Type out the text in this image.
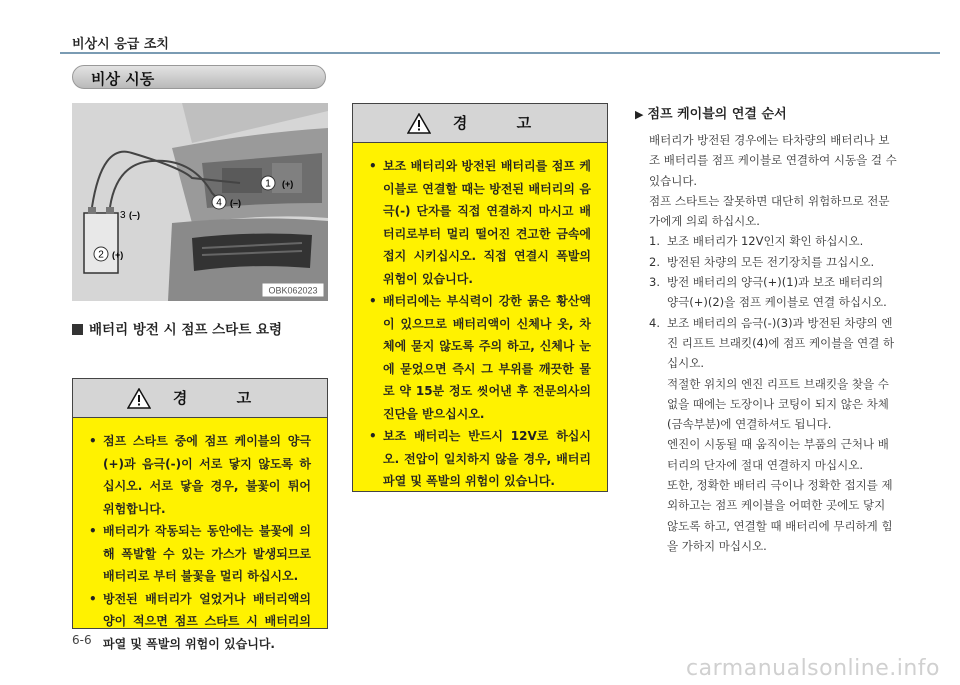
비상시 응급 조치
비상 시동
1 (+)
4 (–)
2 (+)
3 (–)
OBK062023
배터리 방전 시 점프 스타트 요령
경 고
• 점프 스타트 중에 점프 케이블의 양극(+)과 음극(-)이 서로 닿지 않도록 하십시오. 서로 닿을 경우, 불꽃이 튀어 위험합니다.
• 배터리가 작동되는 동안에는 불꽃에 의해 폭발할 수 있는 가스가 발생되므로 배터리로 부터 불꽃을 멀리 하십시오.
• 방전된 배터리가 얼었거나 배터리액의 양이 적으면 점프 스타트 시 배터리의 파열 및 폭발의 위험이 있습니다.
경 고
• 보조 배터리와 방전된 배터리를 점프 케이블로 연결할 때는 방전된 배터리의 음극(-) 단자를 직접 연결하지 마시고 배터리로부터 멀리 떨어진 견고한 금속에 접지 시키십시오. 직접 연결시 폭발의 위험이 있습니다.
• 배터리에는 부식력이 강한 묽은 황산액이 있으므로 배터리액이 신체나 옷, 차체에 묻지 않도록 주의 하고, 신체나 눈에 묻었으면 즉시 그 부위를 깨끗한 물로 약 15분 정도 씻어낸 후 전문의사의 진단을 받으십시오.
• 보조 배터리는 반드시 12V로 하십시오. 전압이 일치하지 않을 경우, 배터리 파열 및 폭발의 위험이 있습니다.
▶ 점프 케이블의 연결 순서
배터리가 방전된 경우에는 타차량의 배터리나 보조 배터리를 점프 케이블로 연결하여 시동을 걸 수 있습니다.
점프 스타트는 잘못하면 대단히 위험하므로 전문가에게 의뢰 하십시오.
1. 보조 배터리가 12V인지 확인 하십시오.
2. 방전된 차량의 모든 전기장치를 끄십시오.
3. 방전 배터리의 양극(+)(1)과 보조 배터리의 양극(+)(2)을 점프 케이블로 연결 하십시오.
4. 보조 배터리의 음극(-)(3)과 방전된 차량의 엔진 리프트 브래킷(4)에 점프 케이블을 연결 하십시오.
적절한 위치의 엔진 리프트 브래킷을 찾을 수 없을 때에는 도장이나 코팅이 되지 않은 차체 (금속부분)에 연결하셔도 됩니다.
엔진이 시동될 때 움직이는 부품의 근처나 배터리의 단자에 절대 연결하지 마십시오.
또한, 정확한 배터리 극이나 정확한 접지를 제외하고는 점프 케이블을 어떠한 곳에도 닿지 않도록 하고, 연결할 때 배터리에 무리하게 힘을 가하지 마십시오.
6-6
carmanualsonline.info
